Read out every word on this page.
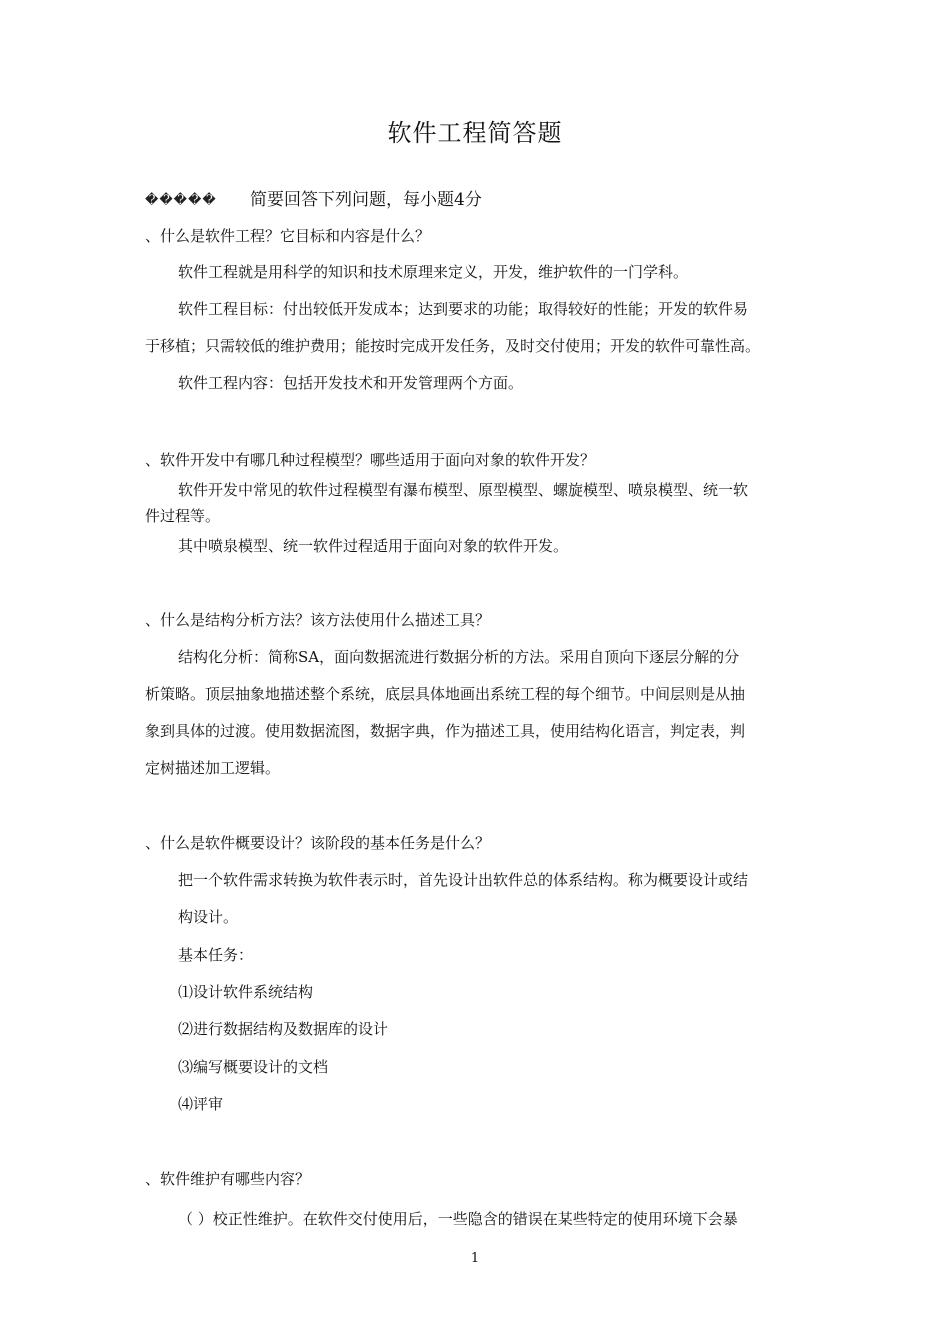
软件工程简答题
����� 简要回答下列问题，每小题4分
、什么是软件工程？它目标和内容是什么？
软件工程就是用科学的知识和技术原理来定义，开发，维护软件的一门学科。
软件工程目标：付出较低开发成本；达到要求的功能；取得较好的性能；开发的软件易
于移植；只需较低的维护费用；能按时完成开发任务，及时交付使用；开发的软件可靠性高。
软件工程内容：包括开发技术和开发管理两个方面。
、软件开发中有哪几种过程模型？哪些适用于面向对象的软件开发？
软件开发中常见的软件过程模型有瀑布模型、原型模型、螺旋模型、喷泉模型、统一软
件过程等。
其中喷泉模型、统一软件过程适用于面向对象的软件开发。
、什么是结构分析方法？该方法使用什么描述工具？
结构化分析：简称SA，面向数据流进行数据分析的方法。采用自顶向下逐层分解的分
析策略。顶层抽象地描述整个系统，底层具体地画出系统工程的每个细节。中间层则是从抽
象到具体的过渡。使用数据流图，数据字典，作为描述工具，使用结构化语言，判定表，判
定树描述加工逻辑。
、什么是软件概要设计？该阶段的基本任务是什么？
把一个软件需求转换为软件表示时，首先设计出软件总的体系结构。称为概要设计或结
构设计。
基本任务：
⑴设计软件系统结构
⑵进行数据结构及数据库的设计
⑶编写概要设计的文档
⑷评审
、软件维护有哪些内容？
（ ）校正性维护。在软件交付使用后，一些隐含的错误在某些特定的使用环境下会暴
1
